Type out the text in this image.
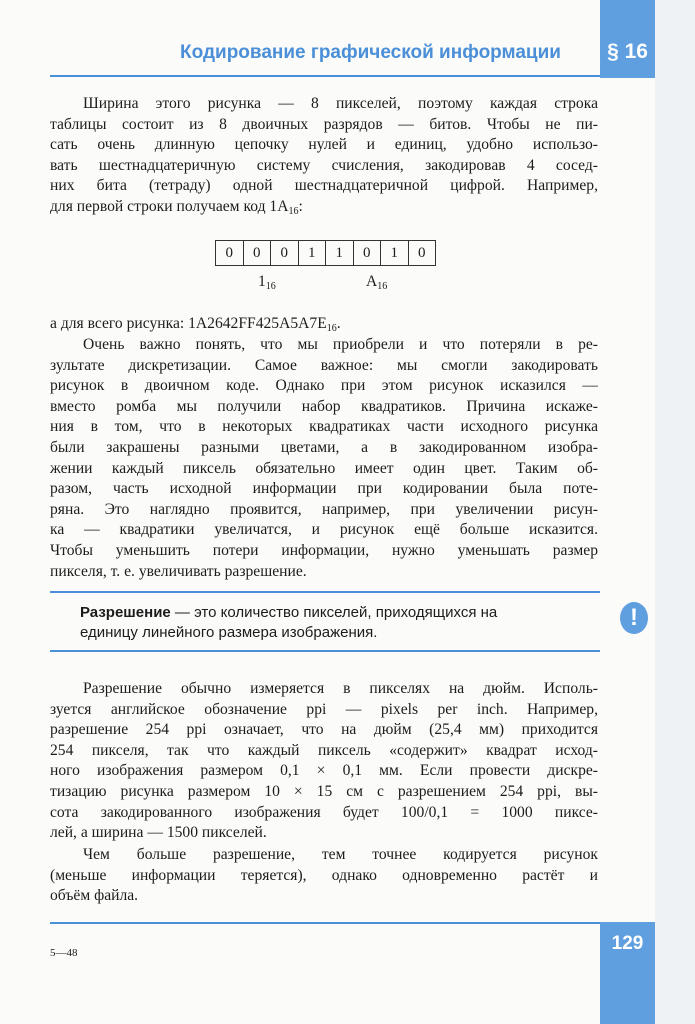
Кодирование графической информации	§ 16
Ширина этого рисунка — 8 пикселей, поэтому каждая строка
таблицы состоит из 8 двоичных разрядов — битов. Чтобы не пи-
сать очень длинную цепочку нулей и единиц, удобно использо-
вать шестнадцатеричную систему счисления, закодировав 4 сосед-
них бита (тетраду) одной шестнадцатеричной цифрой. Например,
для первой строки получаем код $1A_{16}$:
0	0	0	1	1	0	1	0
$1_{16}$	$A_{16}$
а для всего рисунка: $1A2642FF425A5A7E_{16}$.
Очень важно понять, что мы приобрели и что потеряли в ре-
зультате дискретизации. Самое важное: мы смогли закодировать
рисунок в двоичном коде. Однако при этом рисунок исказился —
вместо ромба мы получили набор квадратиков. Причина искаже-
ния в том, что в некоторых квадратиках части исходного рисунка
были закрашены разными цветами, а в закодированном изобра-
жении каждый пиксель обязательно имеет один цвет. Таким об-
разом, часть исходной информации при кодировании была поте-
ряна. Это наглядно проявится, например, при увеличении рисун-
ка — квадратики увеличатся, и рисунок ещё больше исказится.
Чтобы уменьшить потери информации, нужно уменьшать размер
пикселя, т. е. увеличивать разрешение.
Разрешение — это количество пикселей, приходящихся на
единицу линейного размера изображения.
!
Разрешение обычно измеряется в пикселях на дюйм. Исполь-
зуется английское обозначение ppi — pixels per inch. Например,
разрешение 254 ppi означает, что на дюйм (25,4 мм) приходится
254 пикселя, так что каждый пиксель «содержит» квадрат исход-
ного изображения размером 0,1 × 0,1 мм. Если провести дискре-
тизацию рисунка размером 10 × 15 см с разрешением 254 ppi, вы-
сота закодированного изображения будет 100/0,1 = 1000 пиксе-
лей, а ширина — 1500 пикселей.
Чем больше разрешение, тем точнее кодируется рисунок
(меньше информации теряется), однако одновременно растёт и
объём файла.
5—48	129
